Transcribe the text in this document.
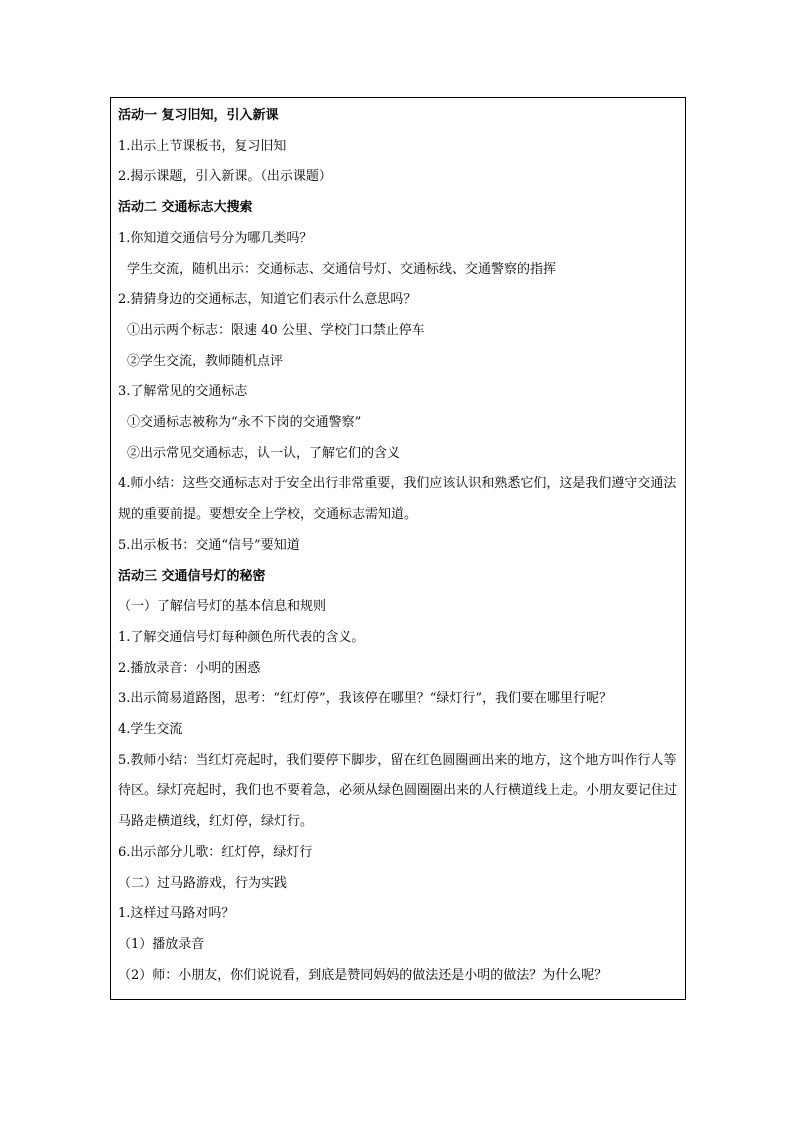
活动一 复习旧知，引入新课
1.出示上节课板书，复习旧知
2.揭示课题，引入新课。（出示课题）
活动二 交通标志大搜索
1.你知道交通信号分为哪几类吗？
学生交流，随机出示：交通标志、交通信号灯、交通标线、交通警察的指挥
2.猜猜身边的交通标志，知道它们表示什么意思吗？
①出示两个标志：限速 40 公里、学校门口禁止停车
②学生交流，教师随机点评
3.了解常见的交通标志
①交通标志被称为“永不下岗的交通警察”
②出示常见交通标志，认一认，了解它们的含义
4.师小结：这些交通标志对于安全出行非常重要，我们应该认识和熟悉它们，这是我们遵守交通法规的重要前提。要想安全上学校，交通标志需知道。
5.出示板书：交通“信号”要知道
活动三 交通信号灯的秘密
（一）了解信号灯的基本信息和规则
1.了解交通信号灯每种颜色所代表的含义。
2.播放录音：小明的困惑
3.出示简易道路图，思考：“红灯停”，我该停在哪里？“绿灯行”，我们要在哪里行呢？
4.学生交流
5.教师小结：当红灯亮起时，我们要停下脚步，留在红色圆圈画出来的地方，这个地方叫作行人等待区。绿灯亮起时，我们也不要着急，必须从绿色圆圈圈出来的人行横道线上走。小朋友要记住过马路走横道线，红灯停，绿灯行。
6.出示部分儿歌：红灯停，绿灯行
（二）过马路游戏，行为实践
1.这样过马路对吗？
（1）播放录音
（2）师：小朋友，你们说说看，到底是赞同妈妈的做法还是小明的做法？为什么呢？
